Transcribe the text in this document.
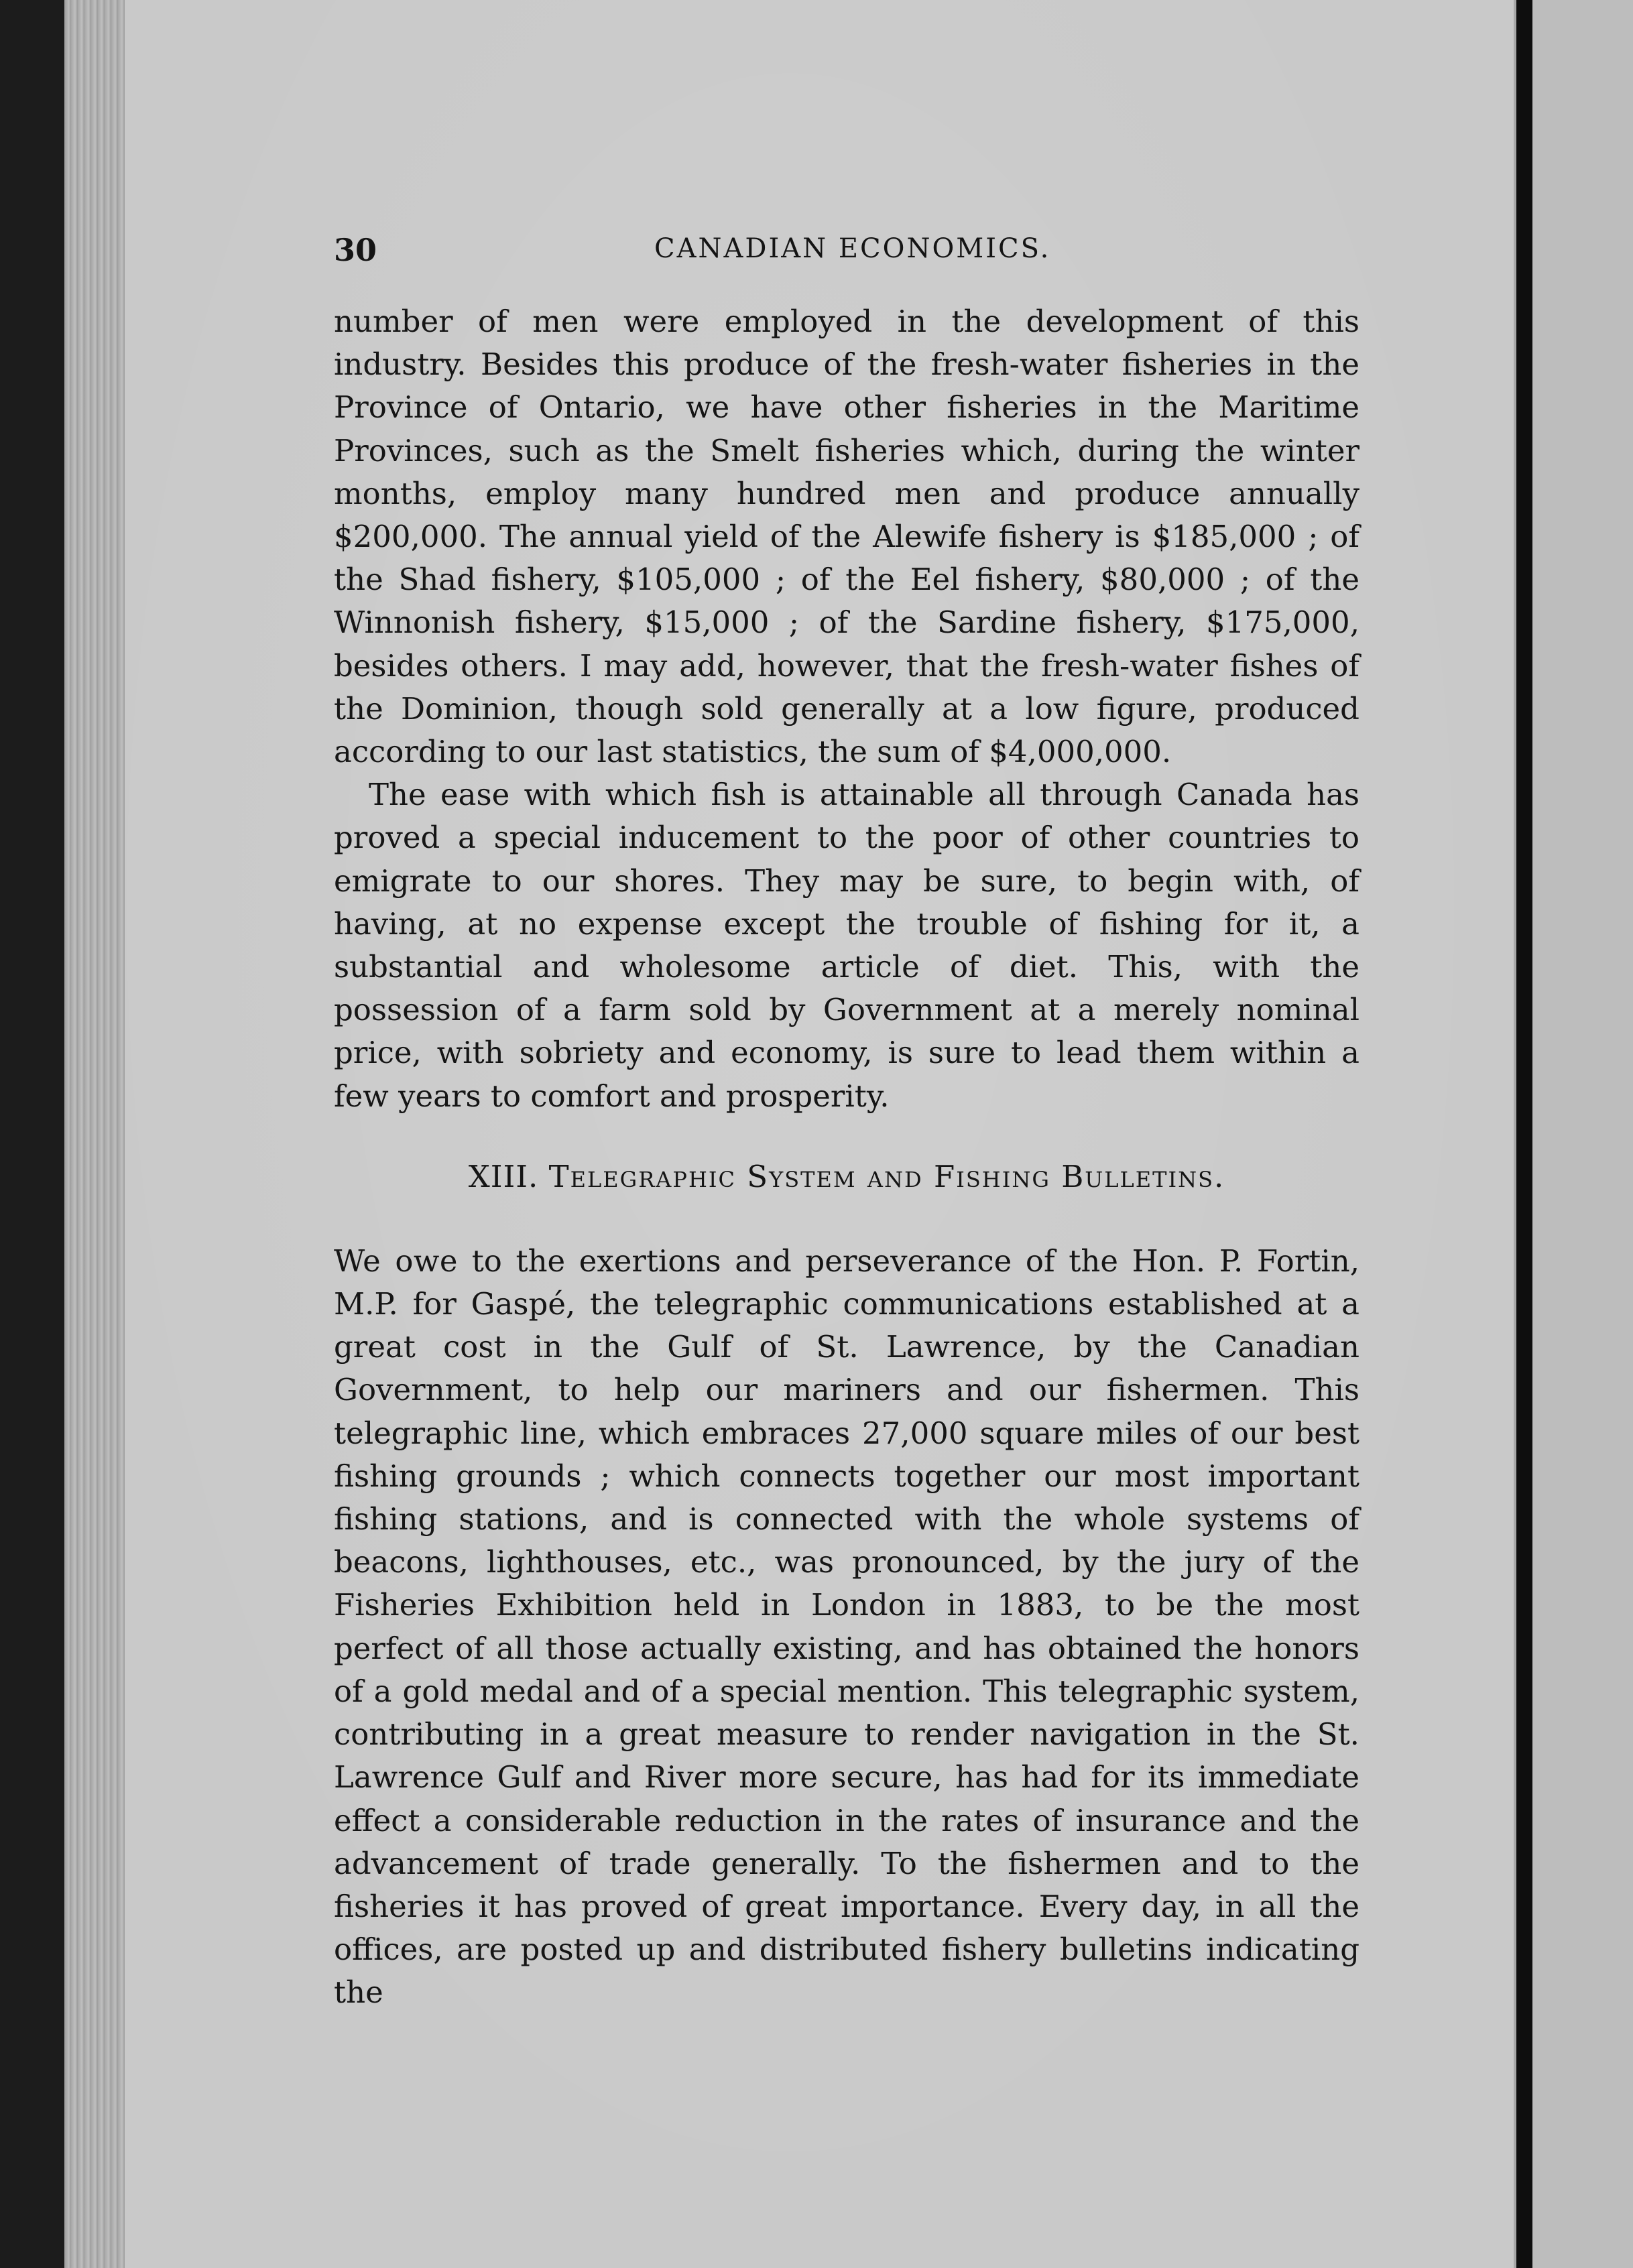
30	CANADIAN ECONOMICS.

number of men were employed in the development of this industry. Besides this produce of the fresh-water fisheries in the Province of Ontario, we have other fisheries in the Maritime Provinces, such as the Smelt fisheries which, during the winter months, employ many hundred men and produce annually $200,000. The annual yield of the Alewife fishery is $185,000 ; of the Shad fishery, $105,000 ; of the Eel fishery, $80,000 ; of the Winnonish fishery, $15,000 ; of the Sardine fishery, $175,000, besides others. I may add, however, that the fresh-water fishes of the Dominion, though sold generally at a low figure, produced according to our last statistics, the sum of $4,000,000.

The ease with which fish is attainable all through Canada has proved a special inducement to the poor of other countries to emigrate to our shores. They may be sure, to begin with, of having, at no expense except the trouble of fishing for it, a substantial and wholesome article of diet. This, with the possession of a farm sold by Government at a merely nominal price, with sobriety and economy, is sure to lead them within a few years to comfort and prosperity.

XIII. Telegraphic System and Fishing Bulletins.

We owe to the exertions and perseverance of the Hon. P. Fortin, M.P. for Gaspé, the telegraphic communications established at a great cost in the Gulf of St. Lawrence, by the Canadian Government, to help our mariners and our fishermen. This telegraphic line, which embraces 27,000 square miles of our best fishing grounds ; which connects together our most important fishing stations, and is connected with the whole systems of beacons, lighthouses, etc., was pronounced, by the jury of the Fisheries Exhibition held in London in 1883, to be the most perfect of all those actually existing, and has obtained the honors of a gold medal and of a special mention. This telegraphic system, contributing in a great measure to render navigation in the St. Lawrence Gulf and River more secure, has had for its immediate effect a considerable reduction in the rates of insurance and the advancement of trade generally. To the fishermen and to the fisheries it has proved of great importance. Every day, in all the offices, are posted up and distributed fishery bulletins indicating the
